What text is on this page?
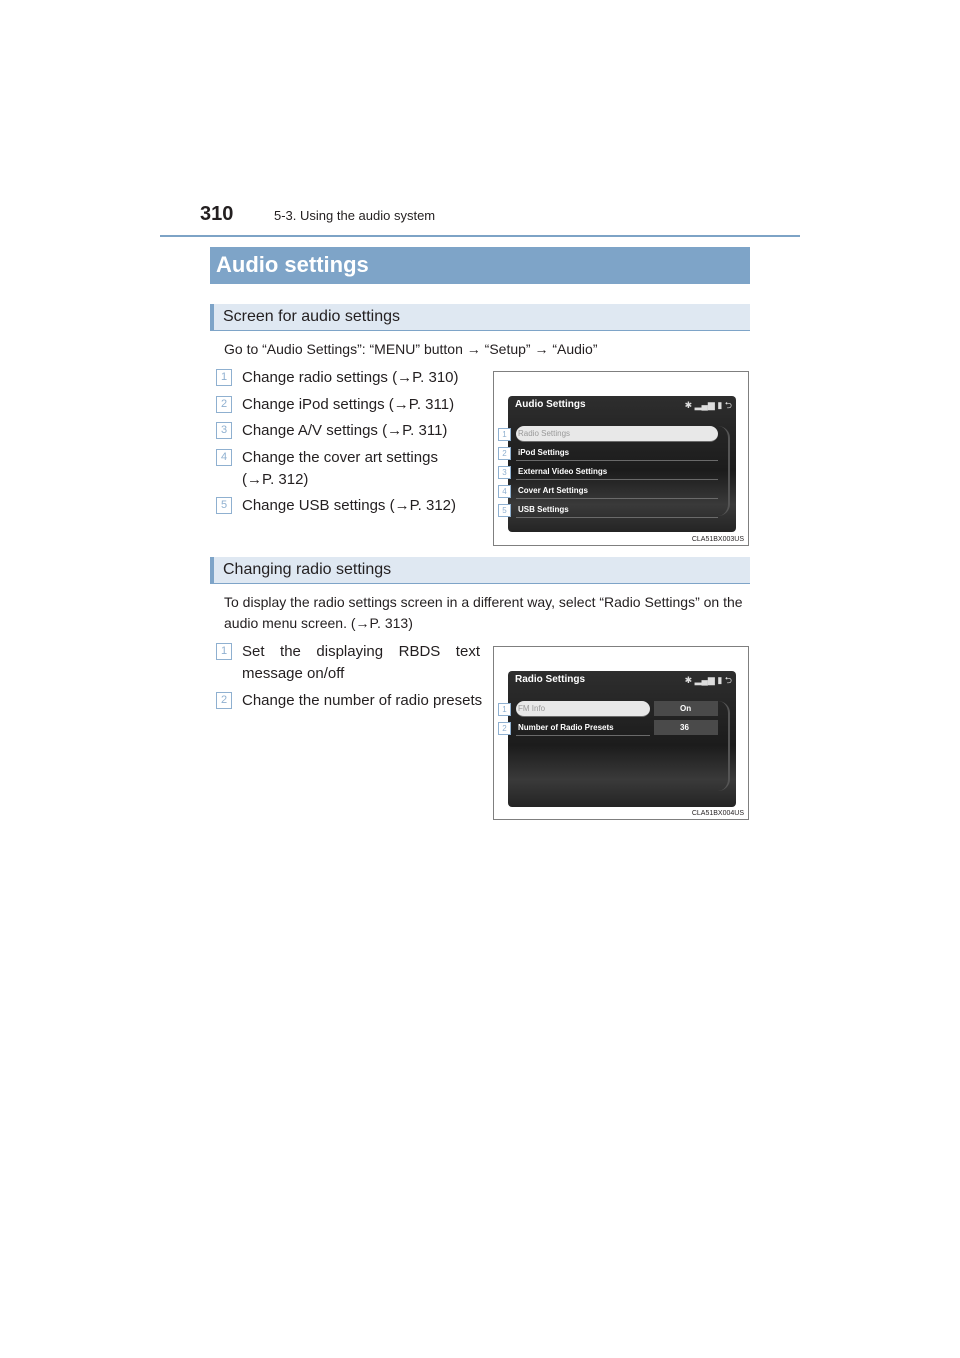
310	5-3. Using the audio system
Audio settings
Screen for audio settings
Go to “Audio Settings”: “MENU” button → “Setup” → “Audio”
1 Change radio settings (→P. 310)
2 Change iPod settings (→P. 311)
3 Change A/V settings (→P. 311)
4 Change the cover art settings (→P. 312)
5 Change USB settings (→P. 312)
Audio Settings	✱ ▂▄▆ ▮ ⮌
Radio Settings
iPod Settings
External Video Settings
Cover Art Settings
USB Settings
1
2
3
4
5
CLA51BX003US
Changing radio settings
To display the radio settings screen in a different way, select “Radio Settings” on the audio menu screen. (→P. 313)
1 Set the displaying RBDS text message on/off
2 Change the number of radio presets
Radio Settings	✱ ▂▄▆ ▮ ⮌
FM Info	On
Number of Radio Presets	36
1
2
CLA51BX004US
